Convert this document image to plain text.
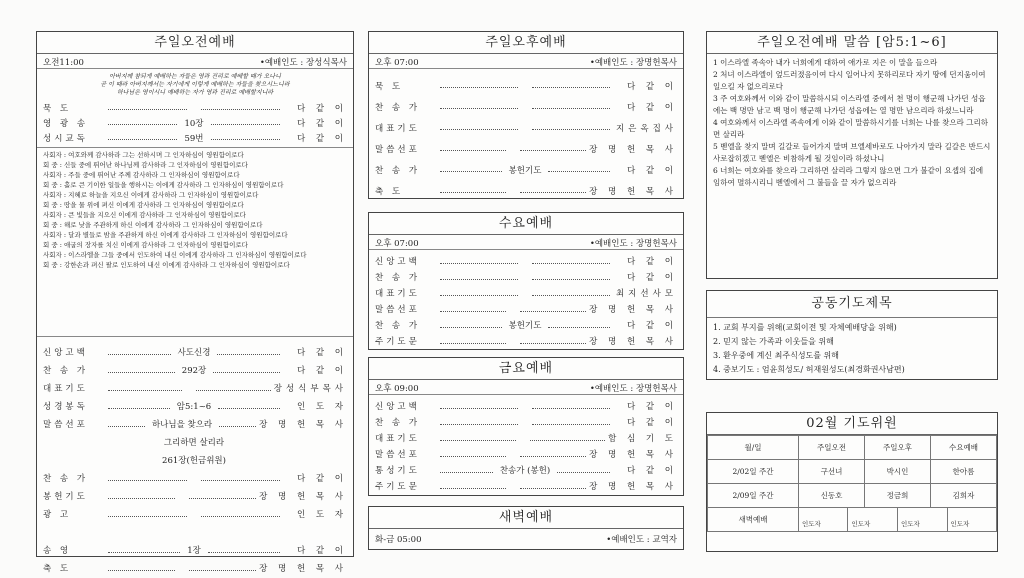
주일오전예배
오전11:00	•예배인도 : 장성식목사
아버지께 참되게 예배하는 자들은 영과 진리로 예배할 때가 오나니
곧 이 때라 아버지께서는 자기에게 이렇게 예배하는 자들을 찾으시느니라
하나님은 영이시니 예배하는 자가 영과 진리로 예배할지니라
묵 도	다 같 이
영 광 송	10장	다 같 이
성시교독	59번	다 같 이
사회자 : 여호와께 감사하라 그는 선하시며 그 인자하심이 영원함이로다
회 중 : 신들 중에 뛰어난 하나님께 감사하라 그 인자하심이 영원함이로다
사회자 : 주들 중에 뛰어난 주께 감사하라 그 인자하심이 영원함이로다
회 중 : 홀로 큰 기이한 일들을 행하시는 이에게 감사하라 그 인자하심이 영원함이로다
사회자 : 지혜로 하늘을 지으신 이에게 감사하라 그 인자하심이 영원함이로다
회 중 : 땅을 물 위에 펴신 이에게 감사하라 그 인자하심이 영원함이로다
사회자 : 큰 빛들을 지으신 이에게 감사하라 그 인자하심이 영원함이로다
회 중 : 해로 낮을 주관하게 하신 이에게 감사하라 그 인자하심이 영원함이로다
사회자 : 달과 별들로 밤을 주관하게 하신 이에게 감사하라 그 인자하심이 영원함이로다
회 중 : 애굽의 장자를 치신 이에게 감사하라 그 인자하심이 영원함이로다
사회자 : 이스라엘을 그들 중에서 인도하여 내신 이에게 감사하라 그 인자하심이 영원함이로다
회 중 : 강한손과 펴신 팔로 인도하여 내신 이에게 감사하라 그 인자하심이 영원함이로다
신앙고백	사도신경	다 같 이
찬 송 가	292장	다 같 이
대표기도	장성식부목사
성경봉독	암5:1~6	인 도 자
말씀선포	하나님을 찾으라	장 명 헌 목 사
그리하면 살리라
261장(헌금위원)
찬 송 가	다 같 이
봉헌기도	장 명 헌 목 사
광 고	인 도 자
송 영	1장	다 같 이
축 도	장 명 헌 목 사
주일오후예배
오후 07:00	•예배인도 : 장명헌목사
묵 도	다 같 이
찬 송 가	다 같 이
대표기도	지은옥집사
말씀선포	장 명 헌 목 사
찬 송 가	봉헌기도	다 같 이
축 도	장 명 헌 목 사
수요예배
오후 07:00	•예배인도 : 장명헌목사
신앙고백	다 같 이
찬 송 가	다 같 이
대표기도	최지선사모
말씀선포	장 명 헌 목 사
찬 송 가	봉헌기도	다 같 이
주기도문	장 명 헌 목 사
금요예배
오후 09:00	•예배인도 : 장명헌목사
신앙고백	다 같 이
찬 송 가	다 같 이
대표기도	함 심 기 도
말씀선포	장 명 헌 목 사
통성기도	찬송가 (봉헌)	다 같 이
주기도문	장 명 헌 목 사
새벽예배
화-금 05:00	•예배인도 : 교역자
주일오전예배 말씀 [암5:1~6]
1 이스라엘 족속아 내가 너희에게 대하여 애가로 지은 이 말을 들으라
2 처녀 이스라엘이 엎드러졌음이여 다시 일어나지 못하리로다 자기 땅에 던지움이여 일으킬 자 없으리로다
3 주 여호와께서 이와 같이 말씀하시되 이스라엘 중에서 천 명이 행군해 나가던 성읍에는 백 명만 남고 백 명이 행군해 나가던 성읍에는 열 명만 남으리라 하셨느니라
4 여호와께서 이스라엘 족속에게 이와 같이 말씀하시기를 너희는 나를 찾으라 그리하면 살리라
5 벧엘을 찾지 말며 길갈로 들어가지 말며 브엘세바로도 나아가지 말라 길갈은 반드시 사로잡히겠고 벧엘은 비참하게 될 것임이라 하셨나니
6 너희는 여호와를 찾으라 그리하면 살리라 그렇지 않으면 그가 불같이 요셉의 집에 임하여 멸하시리니 벧엘에서 그 불들을 끌 자가 없으리라
공동기도제목
1. 교회 부지를 위해(교회이전 및 자체예배당을 위해)
2. 믿지 않는 가족과 이웃들을 위해
3. 환우중에 계신 최주식성도를 위해
4. 중보기도 : 엄윤희성도/ 허재원성도(최경화권사남편)
02월 기도위원
월/일	주일오전	주일오후	수요예배
2/02일 주간	구선녀	박시인	한아름
2/09일 주간	신동호	정금희	김희자
새벽예배	인도자 인도자 인도자 인도자		
